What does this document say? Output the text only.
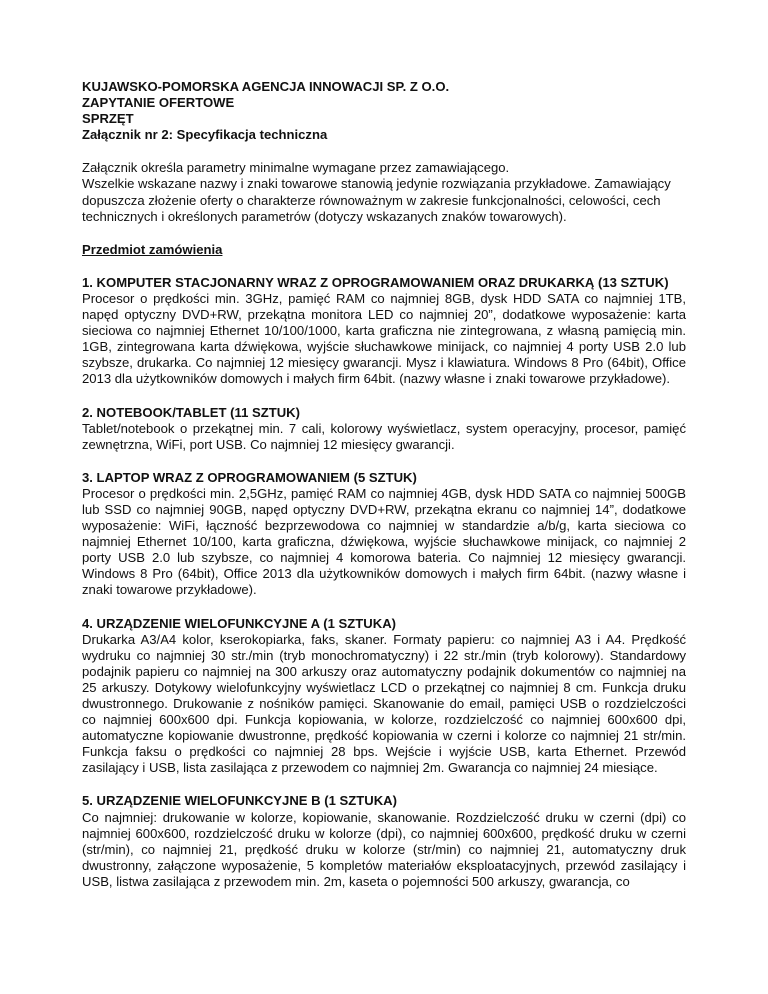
KUJAWSKO-POMORSKA AGENCJA INNOWACJI SP. Z O.O.
ZAPYTANIE OFERTOWE
SPRZĘT
Załącznik nr 2: Specyfikacja techniczna

Załącznik określa parametry minimalne wymagane przez zamawiającego.

Wszelkie wskazane nazwy i znaki towarowe stanowią jedynie rozwiązania przykładowe. Zamawiający dopuszcza złożenie oferty o charakterze równoważnym w zakresie funkcjonalności, celowości, cech technicznych i określonych parametrów (dotyczy wskazanych znaków towarowych).

Przedmiot zamówienia

1. KOMPUTER STACJONARNY WRAZ Z OPROGRAMOWANIEM ORAZ DRUKARKĄ (13 SZTUK)

Procesor o prędkości min. 3GHz, pamięć RAM co najmniej 8GB, dysk HDD SATA co najmniej 1TB, napęd optyczny DVD+RW, przekątna monitora LED co najmniej 20”, dodatkowe wyposażenie: karta sieciowa co najmniej Ethernet 10/100/1000, karta graficzna nie zintegrowana, z własną pamięcią min. 1GB, zintegrowana karta dźwiękowa, wyjście słuchawkowe minijack, co najmniej 4 porty USB 2.0 lub szybsze, drukarka. Co najmniej 12 miesięcy gwarancji. Mysz i klawiatura. Windows 8 Pro (64bit), Office 2013 dla użytkowników domowych i małych firm 64bit. (nazwy własne i znaki towarowe przykładowe).

2. NOTEBOOK/TABLET (11 SZTUK)

Tablet/notebook o przekątnej min. 7 cali, kolorowy wyświetlacz, system operacyjny, procesor, pamięć zewnętrzna, WiFi, port USB. Co najmniej 12 miesięcy gwarancji.

3. LAPTOP WRAZ Z OPROGRAMOWANIEM (5 SZTUK)

Procesor o prędkości min. 2,5GHz, pamięć RAM co najmniej 4GB, dysk HDD SATA co najmniej 500GB lub SSD co najmniej 90GB, napęd optyczny DVD+RW, przekątna ekranu co najmniej 14”, dodatkowe wyposażenie: WiFi, łączność bezprzewodowa co najmniej w standardzie a/b/g, karta sieciowa co najmniej Ethernet 10/100, karta graficzna, dźwiękowa, wyjście słuchawkowe minijack, co najmniej 2 porty USB 2.0 lub szybsze, co najmniej 4 komorowa bateria. Co najmniej 12 miesięcy gwarancji. Windows 8 Pro (64bit), Office 2013 dla użytkowników domowych i małych firm 64bit. (nazwy własne i znaki towarowe przykładowe).

4. URZĄDZENIE WIELOFUNKCYJNE A (1 SZTUKA)

Drukarka A3/A4 kolor, kserokopiarka, faks, skaner. Formaty papieru: co najmniej A3 i A4. Prędkość wydruku co najmniej 30 str./min (tryb monochromatyczny) i 22 str./min (tryb kolorowy). Standardowy podajnik papieru co najmniej na 300 arkuszy oraz automatyczny podajnik dokumentów co najmniej na 25 arkuszy. Dotykowy wielofunkcyjny wyświetlacz LCD o przekątnej co najmniej 8 cm. Funkcja druku dwustronnego. Drukowanie z nośników pamięci. Skanowanie do email, pamięci USB o rozdzielczości co najmniej 600x600 dpi. Funkcja kopiowania, w kolorze, rozdzielczość co najmniej 600x600 dpi, automatyczne kopiowanie dwustronne, prędkość kopiowania w czerni i kolorze co najmniej 21 str/min. Funkcja faksu o prędkości co najmniej 28 bps. Wejście i wyjście USB, karta Ethernet. Przewód zasilający i USB, lista zasilająca z przewodem co najmniej 2m. Gwarancja co najmniej 24 miesiące.

5. URZĄDZENIE WIELOFUNKCYJNE B (1 SZTUKA)

Co najmniej: drukowanie w kolorze, kopiowanie, skanowanie. Rozdzielczość druku w czerni (dpi) co najmniej 600x600, rozdzielczość druku w kolorze (dpi), co najmniej 600x600, prędkość druku w czerni (str/min), co najmniej 21, prędkość druku w kolorze (str/min) co najmniej 21, automatyczny druk dwustronny, załączone wyposażenie, 5 kompletów materiałów eksploatacyjnych, przewód zasilający i USB, listwa zasilająca z przewodem min. 2m, kaseta o pojemności 500 arkuszy, gwarancja, co
